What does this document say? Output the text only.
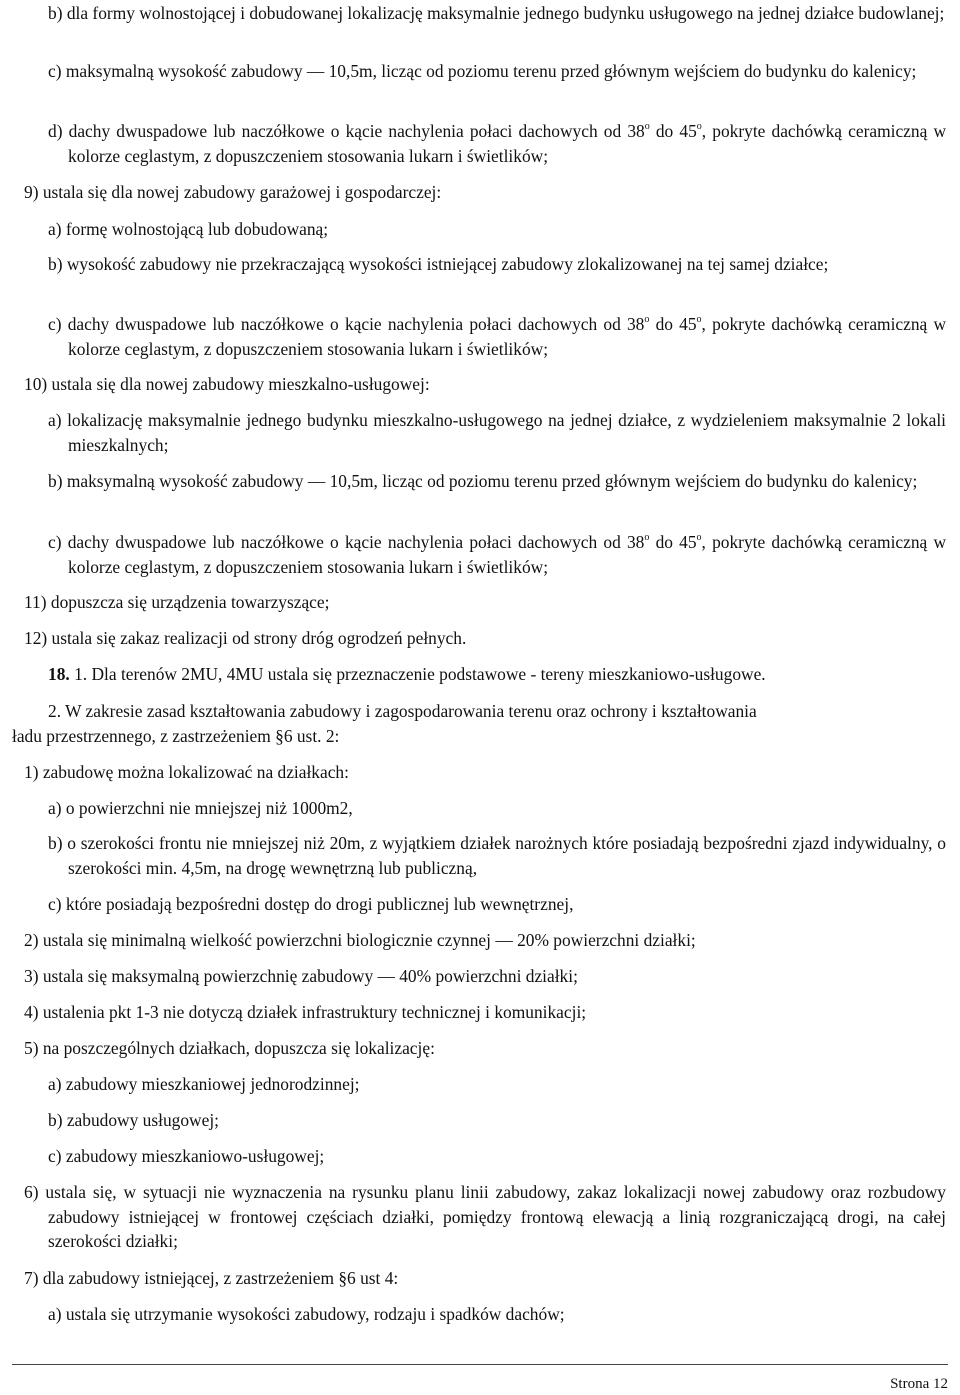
b) dla formy wolnostojącej i dobudowanej lokalizację maksymalnie jednego budynku usługowego na jednej działce budowlanej;

c) maksymalną wysokość zabudowy — 10,5m, licząc od poziomu terenu przed głównym wejściem do budynku do kalenicy;

d) dachy dwuspadowe lub naczółkowe o kącie nachylenia połaci dachowych od 38$^o$ do 45$^o$, pokryte dachówką ceramiczną w kolorze ceglastym, z dopuszczeniem stosowania lukarn i świetlików;

9) ustala się dla nowej zabudowy garażowej i gospodarczej:

a) formę wolnostojącą lub dobudowaną;

b) wysokość zabudowy nie przekraczającą wysokości istniejącej zabudowy zlokalizowanej na tej samej działce;

c) dachy dwuspadowe lub naczółkowe o kącie nachylenia połaci dachowych od 38$^o$ do 45$^o$, pokryte dachówką ceramiczną w kolorze ceglastym, z dopuszczeniem stosowania lukarn i świetlików;

10) ustala się dla nowej zabudowy mieszkalno-usługowej:

a) lokalizację maksymalnie jednego budynku mieszkalno-usługowego na jednej działce, z wydzieleniem maksymalnie 2 lokali mieszkalnych;

b) maksymalną wysokość zabudowy — 10,5m, licząc od poziomu terenu przed głównym wejściem do budynku do kalenicy;

c) dachy dwuspadowe lub naczółkowe o kącie nachylenia połaci dachowych od 38$^o$ do 45$^o$, pokryte dachówką ceramiczną w kolorze ceglastym, z dopuszczeniem stosowania lukarn i świetlików;

11) dopuszcza się urządzenia towarzyszące;

12) ustala się zakaz realizacji od strony dróg ogrodzeń pełnych.

18. 1. Dla terenów 2MU, 4MU ustala się przeznaczenie podstawowe - tereny mieszkaniowo-usługowe.

2. W zakresie zasad kształtowania zabudowy i zagospodarowania terenu oraz ochrony i kształtowania
ładu przestrzennego, z zastrzeżeniem §6 ust. 2:

1) zabudowę można lokalizować na działkach:

a) o powierzchni nie mniejszej niż 1000m2,

b) o szerokości frontu nie mniejszej niż 20m, z wyjątkiem działek narożnych które posiadają bezpośredni zjazd indywidualny, o szerokości min. 4,5m, na drogę wewnętrzną lub publiczną,

c) które posiadają bezpośredni dostęp do drogi publicznej lub wewnętrznej,

2) ustala się minimalną wielkość powierzchni biologicznie czynnej — 20% powierzchni działki;

3) ustala się maksymalną powierzchnię zabudowy — 40% powierzchni działki;

4) ustalenia pkt 1-3 nie dotyczą działek infrastruktury technicznej i komunikacji;

5) na poszczególnych działkach, dopuszcza się lokalizację:

a) zabudowy mieszkaniowej jednorodzinnej;

b) zabudowy usługowej;

c) zabudowy mieszkaniowo-usługowej;

6) ustala się, w sytuacji nie wyznaczenia na rysunku planu linii zabudowy, zakaz lokalizacji nowej zabudowy oraz rozbudowy zabudowy istniejącej w frontowej częściach działki, pomiędzy frontową elewacją a linią rozgraniczającą drogi, na całej szerokości działki;

7) dla zabudowy istniejącej, z zastrzeżeniem §6 ust 4:

a) ustala się utrzymanie wysokości zabudowy, rodzaju i spadków dachów;

Strona 12
